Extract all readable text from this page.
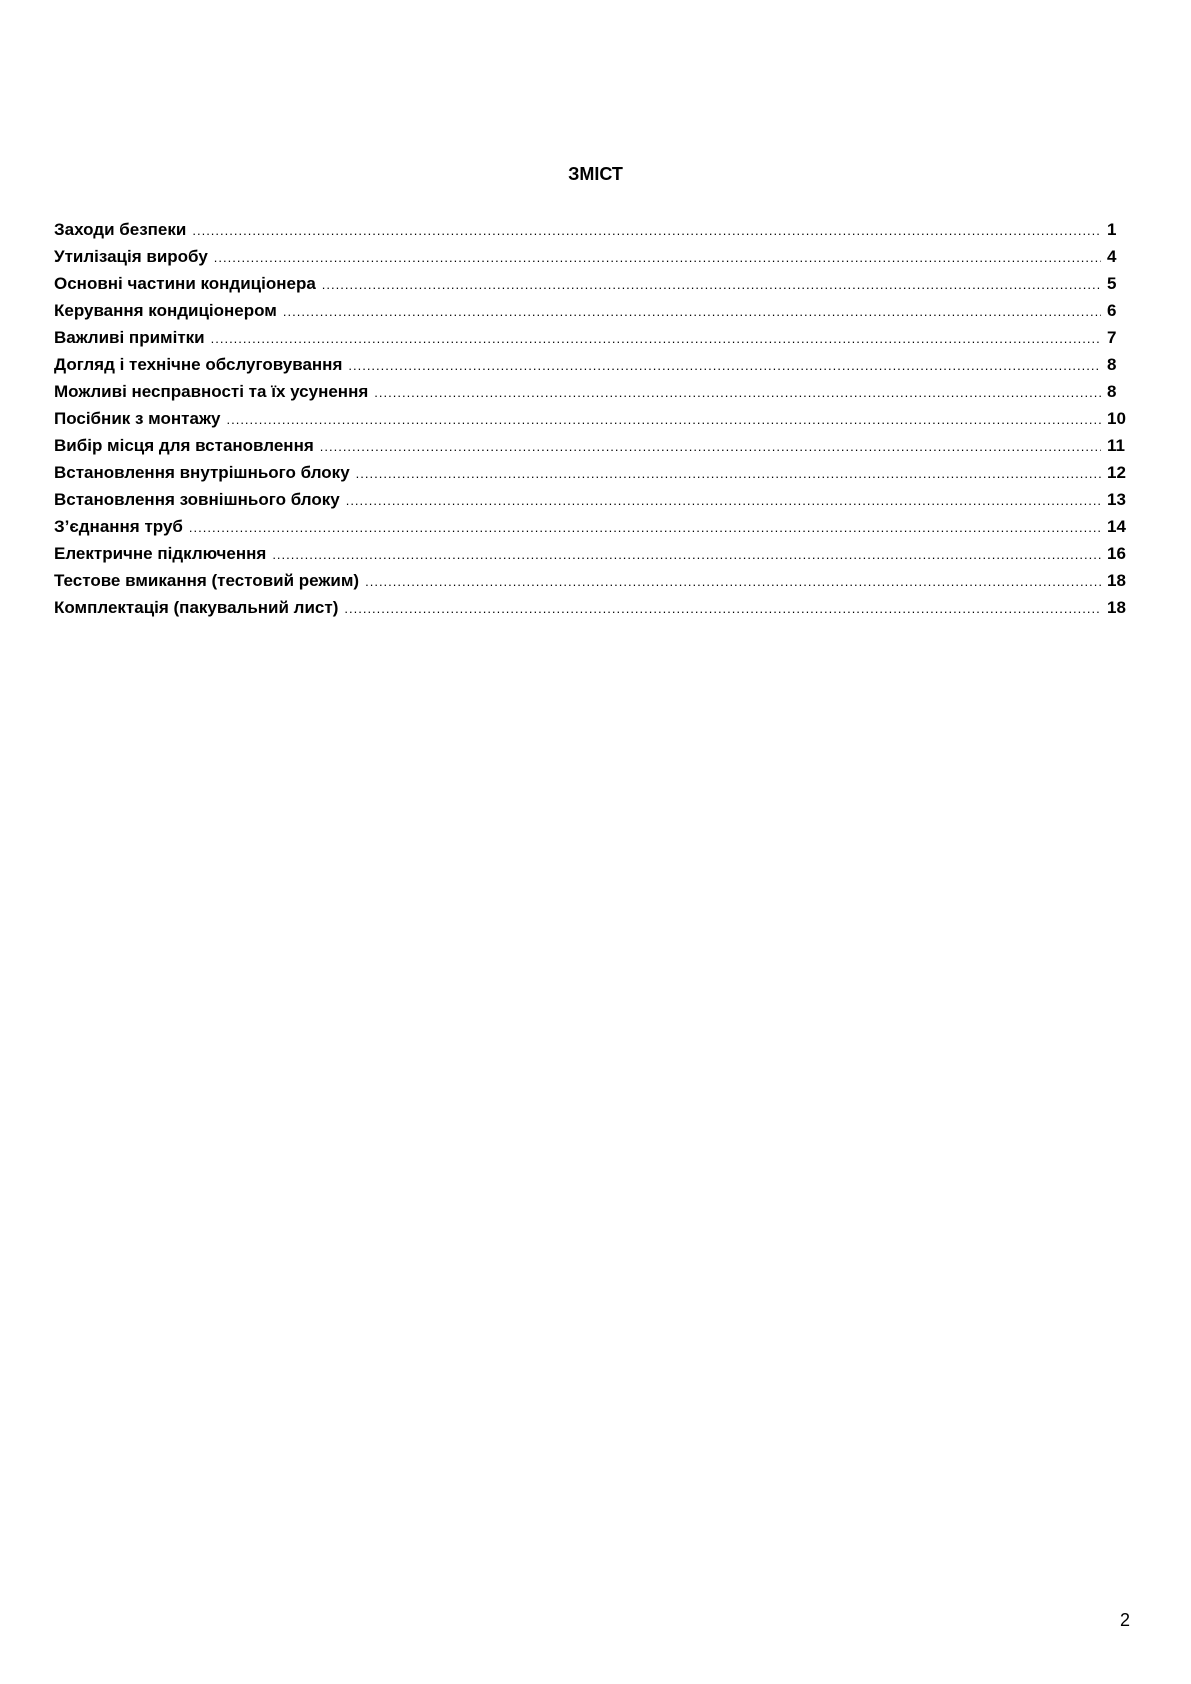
ЗМІСТ
Заходи безпеки .....	1
Утилізація виробу .....	4
Основні частини кондиціонера .....	5
Керування кондиціонером .....	6
Важливі примітки .....	7
Догляд і технічне обслуговування .....	8
Можливі несправності та їх усунення .....	8
Посібник з монтажу .....	10
Вибір місця для встановлення .....	11
Встановлення внутрішнього блоку .....	12
Встановлення зовнішнього блоку .....	13
З’єднання труб .....	14
Електричне підключення .....	16
Тестове вмикання (тестовий режим) .....	18
Комплектація (пакувальний лист) .....	18
2
